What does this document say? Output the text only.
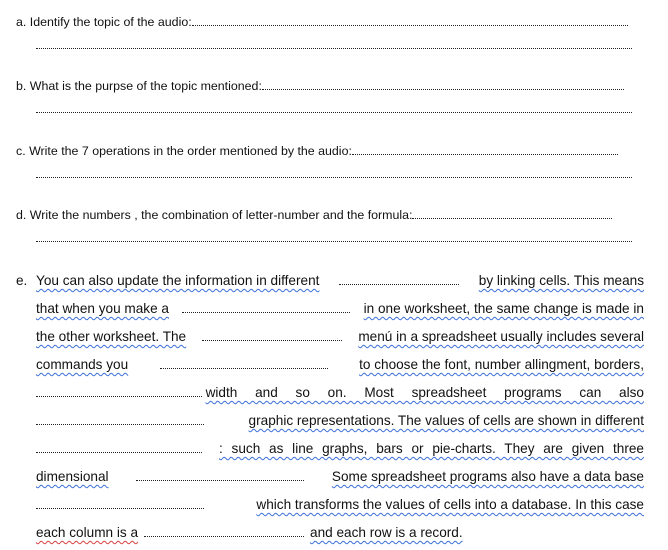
a. Identify the topic of the audio:
b. What is the purpse of the topic mentioned:
c. Write the 7 operations in the order mentioned by the audio:
d. Write the numbers , the combination of letter-number and the formula:
e. You can also update the information in different	by linking cells. This means
that when you make a	in one worksheet, the same change is made in
the other worksheet. The	menú in a spreadsheet usually includes several
commands you	to choose the font, number allingment, borders,
width and so on. Most spreadsheet programs can also
graphic representations. The values of cells are shown in different
: such as line graphs, bars or pie-charts. They are given three
dimensional	Some spreadsheet programs also have a data base
which transforms the values of cells into a database. In this case
each column is a	and each row is a record.
